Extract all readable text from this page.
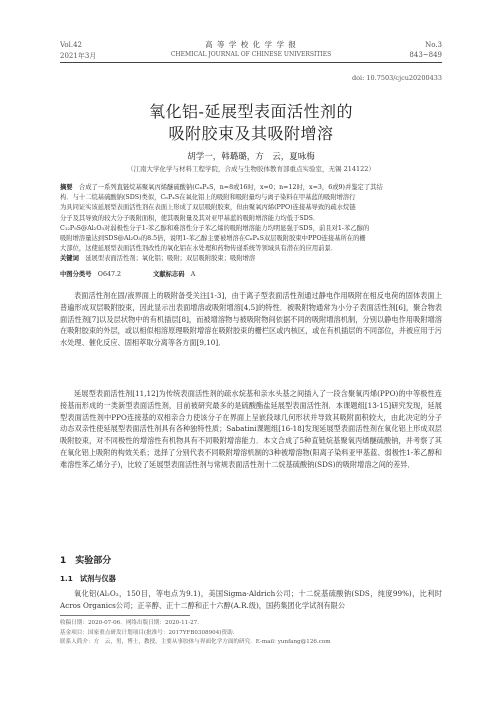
Vol.42
2021年3月
高 等 学 校 化 学 学 报
CHEMICAL JOURNAL OF CHINESE UNIVERSITIES
No.3
843~849
doi: 10.7503/cjcu20200433
氧化铝-延展型表面活性剂的
吸附胶束及其吸附增溶
胡学一，韩璐璐，方　云，夏咏梅
（江南大学化学与材料工程学院，合成与生物胶体教育部重点实验室，无锡 214122）

摘要　 合成了一系列直链烷基聚氧丙烯醚硫酸钠(CₙPₓS，n=8或16时，x=0；n=12时，x=3，6或9)并鉴定了其结

构．与十二烷基硫酸钠(SDS)类似，CₙPₓS在氧化铝上的吸附和吸附量均与离子染料在甲基蓝的吸附增溶行

为具同证实该延展型表面活性剂在表面上形成了双层吸附胶束，但由聚氧丙烯(PPO)连接基导致的疏水烷链

分子及其导致的较大分子吸附面积，使其吸附量及其对亚甲基蓝的吸附增溶能力均低于SDS．

C₁₂P₉S@Al₂O₃对弱极性分子1-苯乙醇和难溶性分子苯乙烯的吸附增溶能力均明显强于SDS，前且对1-苯乙醇的

吸附增溶量达到SDS@Al₂O₃的8.5倍，说明1-苯乙醇主要被增溶在CₙPₓS双层吸附胶束中PPO连接基所在的栅

大部位，这使延展型表面活性剂改性的氧化铝在水处理和药物传递系统等领域具有潜在的应用前景．

关键词　 延展型表面活性剂；氧化铝；吸附；双层吸附胶束；吸附增溶

中图分类号　 O647.2	文献标志码　 A
表面活性剂在固/液界面上的吸附备受关注[1-3]，由于离子型表面活性剂通过静电作用吸附在相反电荷的固体表面上普遍形成双层吸附胶束，因此显示出表面增溶或吸附增溶[4,5]的特性．被吸附物通常为小分子表面活性剂[6]，聚合物表面活性剂[7]以及层状物中的有机插层[8]，而被增溶物与被吸附物间依据不同的吸附增溶机制，分别以静电作用吸附增溶在吸附胶束的外层，或以相似相溶原理吸附增溶在吸附胶束的栅栏区或内核区，或在有机插层的不同部位，并被应用于污水处理、催化反应、固相萃取分离等各方面[9,10]．
延展型表面活性剂[11,12]为传统表面活性剂的疏水烷基和亲水头基之间插入了一段含聚氧丙烯(PPO)的中等极性连接基而形成的一类新型表面活性剂，目前被研究最多的是硫酸酯盐延展型表面活性剂．本课题组[13-15]研究发现，延展型表面活性剂中PPO连接基的双相亲合力使该分子在界面上呈嵌段球几何形状并导致其吸附面积较大，由此决定的分子动态双亲性使延展型表面活性剂具有各种独特性质；Sabatini课题组[16-18]发现延展型表面活性剂在氧化铝上形成双层吸附胶束，对不同极性的增溶性有机物具有不同吸附增溶能力．本文合成了5种直链烷基聚氧丙烯醚硫酸钠，并考察了其在氧化铝上吸附的构效关系；选择了分别代表不同吸附增溶机制的3种被增溶物(阳离子染料亚甲基蓝、弱极性1-苯乙醇和难溶性苯乙烯分子)，比较了延展型表面活性剂与常规表面活性剂十二烷基硫酸钠(SDS)的吸附增溶之间的差异．
1　实验部分
1.1　试剂与仪器
氧化铝(Al₂O₃，150目，等电点为9.1)，美国Sigma-Aldrich公司；十二烷基硫酸钠(SDS，纯度99%)，比利时Acros Organics公司；正辛醇、正十二醇和正十六醇(A.R.级)，国药集团化学试剂有限公

收稿日期：2020-07-06．网络出版日期：2020-11-27．

基金项目：国家重点研发计划项目(批准号：2017YFB0308904)资助．

联系人简介：方　云，男，博士，教授，主要从事胶体与界面化学方面的研究．E-mail: yunfang@126.com
